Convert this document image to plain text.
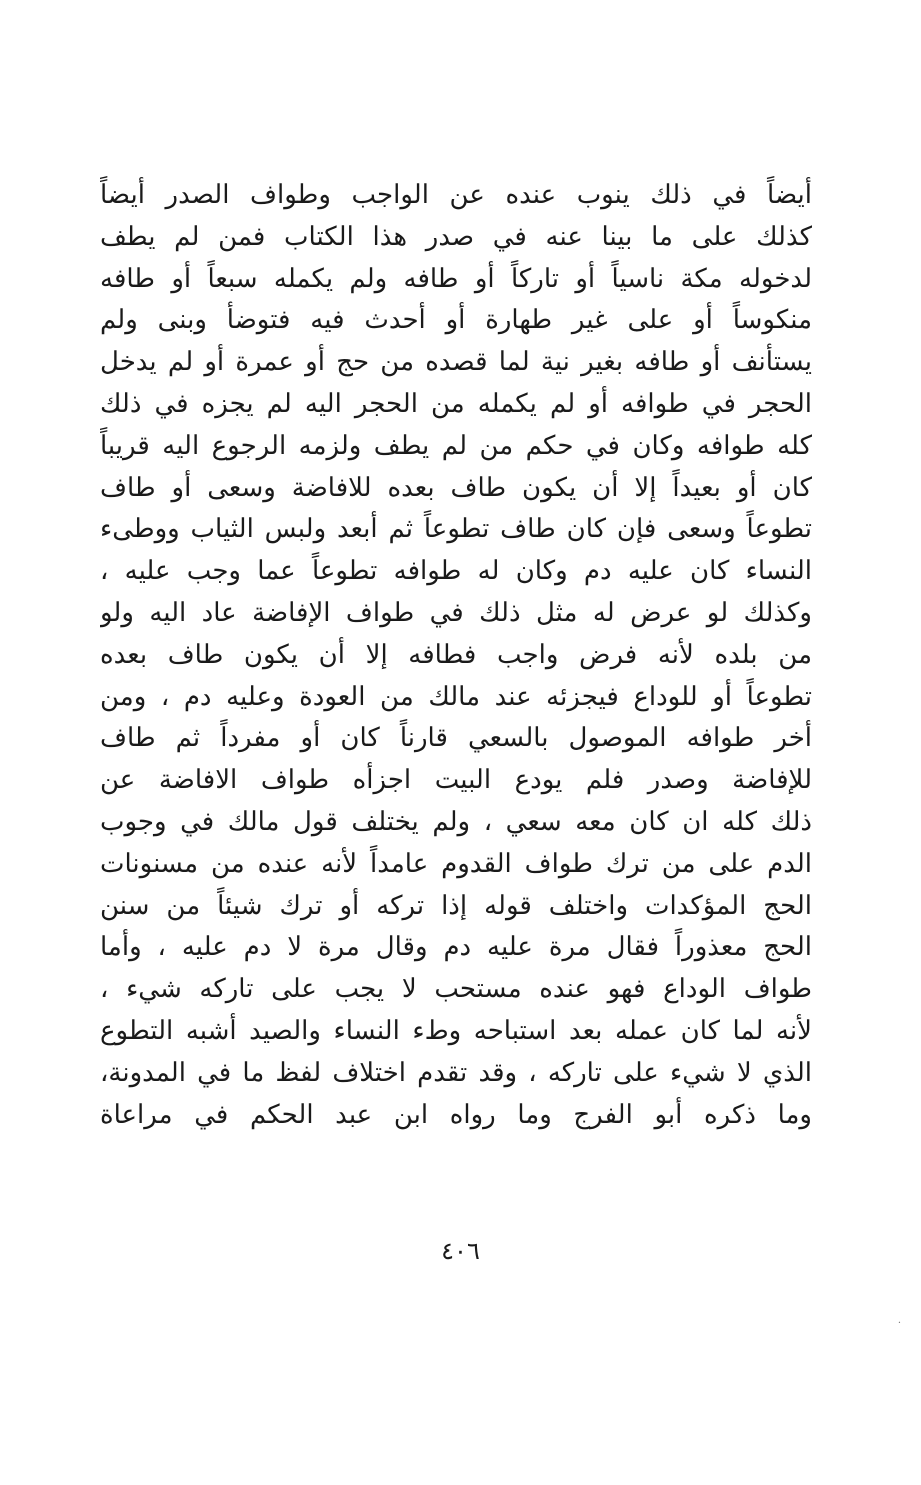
أيضاً في ذلك ينوب عنده عن الواجب وطواف الصدر أيضاً
كذلك على ما بينا عنه في صدر هذا الكتاب فمن لم يطف
لدخوله مكة ناسياً أو تاركاً أو طافه ولم يكمله سبعاً أو طافه
منكوساً أو على غير طهارة أو أحدث فيه فتوضأ وبنى ولم
يستأنف أو طافه بغير نية لما قصده من حج أو عمرة أو لم يدخل
الحجر في طوافه أو لم يكمله من الحجر اليه لم يجزه في ذلك
كله طوافه وكان في حكم من لم يطف ولزمه الرجوع اليه قريباً
كان أو بعيداً إلا أن يكون طاف بعده للافاضة وسعى أو طاف
تطوعاً وسعى فإن كان طاف تطوعاً ثم أبعد ولبس الثياب ووطىء
النساء كان عليه دم وكان له طوافه تطوعاً عما وجب عليه ،
وكذلك لو عرض له مثل ذلك في طواف الإفاضة عاد اليه ولو
من بلده لأنه فرض واجب فطافه إلا أن يكون طاف بعده
تطوعاً أو للوداع فيجزئه عند مالك من العودة وعليه دم ، ومن
أخر طوافه الموصول بالسعي قارناً كان أو مفرداً ثم طاف
للإفاضة وصدر فلم يودع البيت اجزأه طواف الافاضة عن
ذلك كله ان كان معه سعي ، ولم يختلف قول مالك في وجوب
الدم على من ترك طواف القدوم عامداً لأنه عنده من مسنونات
الحج المؤكدات واختلف قوله إذا تركه أو ترك شيئاً من سنن
الحج معذوراً فقال مرة عليه دم وقال مرة لا دم عليه ، وأما
طواف الوداع فهو عنده مستحب لا يجب على تاركه شيء ،
لأنه لما كان عمله بعد استباحه وطء النساء والصيد أشبه التطوع
الذي لا شيء على تاركه ، وقد تقدم اختلاف لفظ ما في المدونة،
وما ذكره أبو الفرج وما رواه ابن عبد الحكم في مراعاة
٤٠٦
·
